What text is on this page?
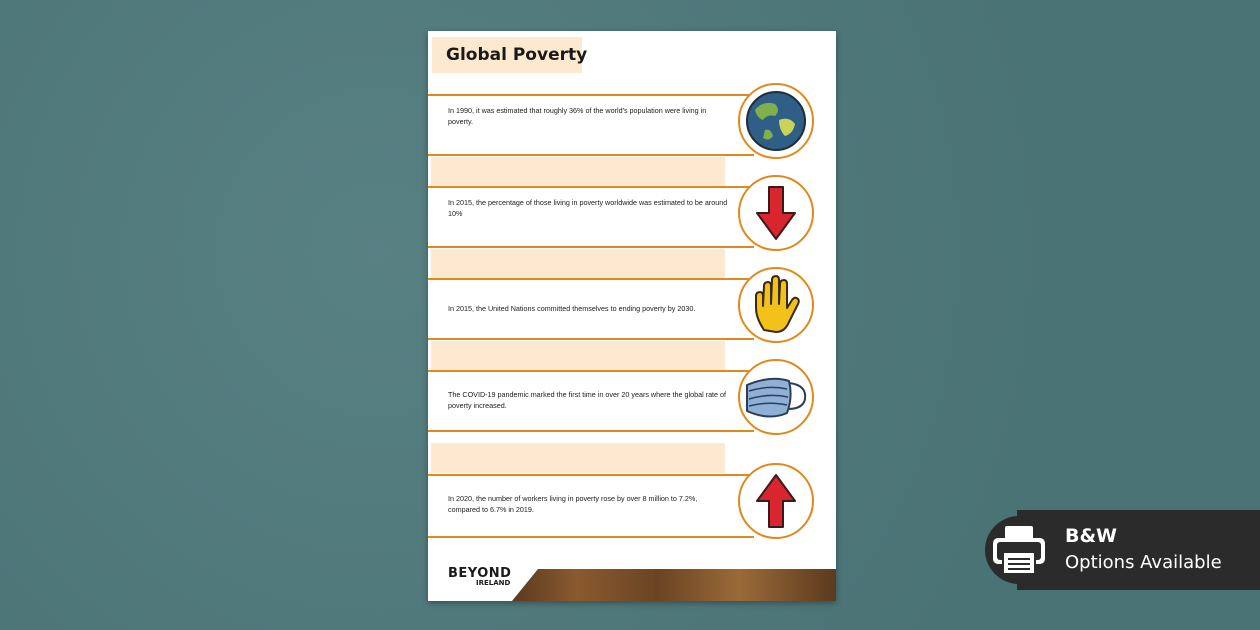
Global Poverty
In 1990, it was estimated that roughly 36% of the world's population were living in poverty.
In 2015, the percentage of those living in poverty worldwide was estimated to be around 10%
In 2015, the United Nations committed themselves to ending poverty by 2030.
The COVID-19 pandemic marked the first time in over 20 years where the global rate of poverty increased.
In 2020, the number of workers living in poverty rose by over 8 million to 7.2%, compared to 6.7% in 2019.
BEYOND
IRELAND
B&W
Options Available
